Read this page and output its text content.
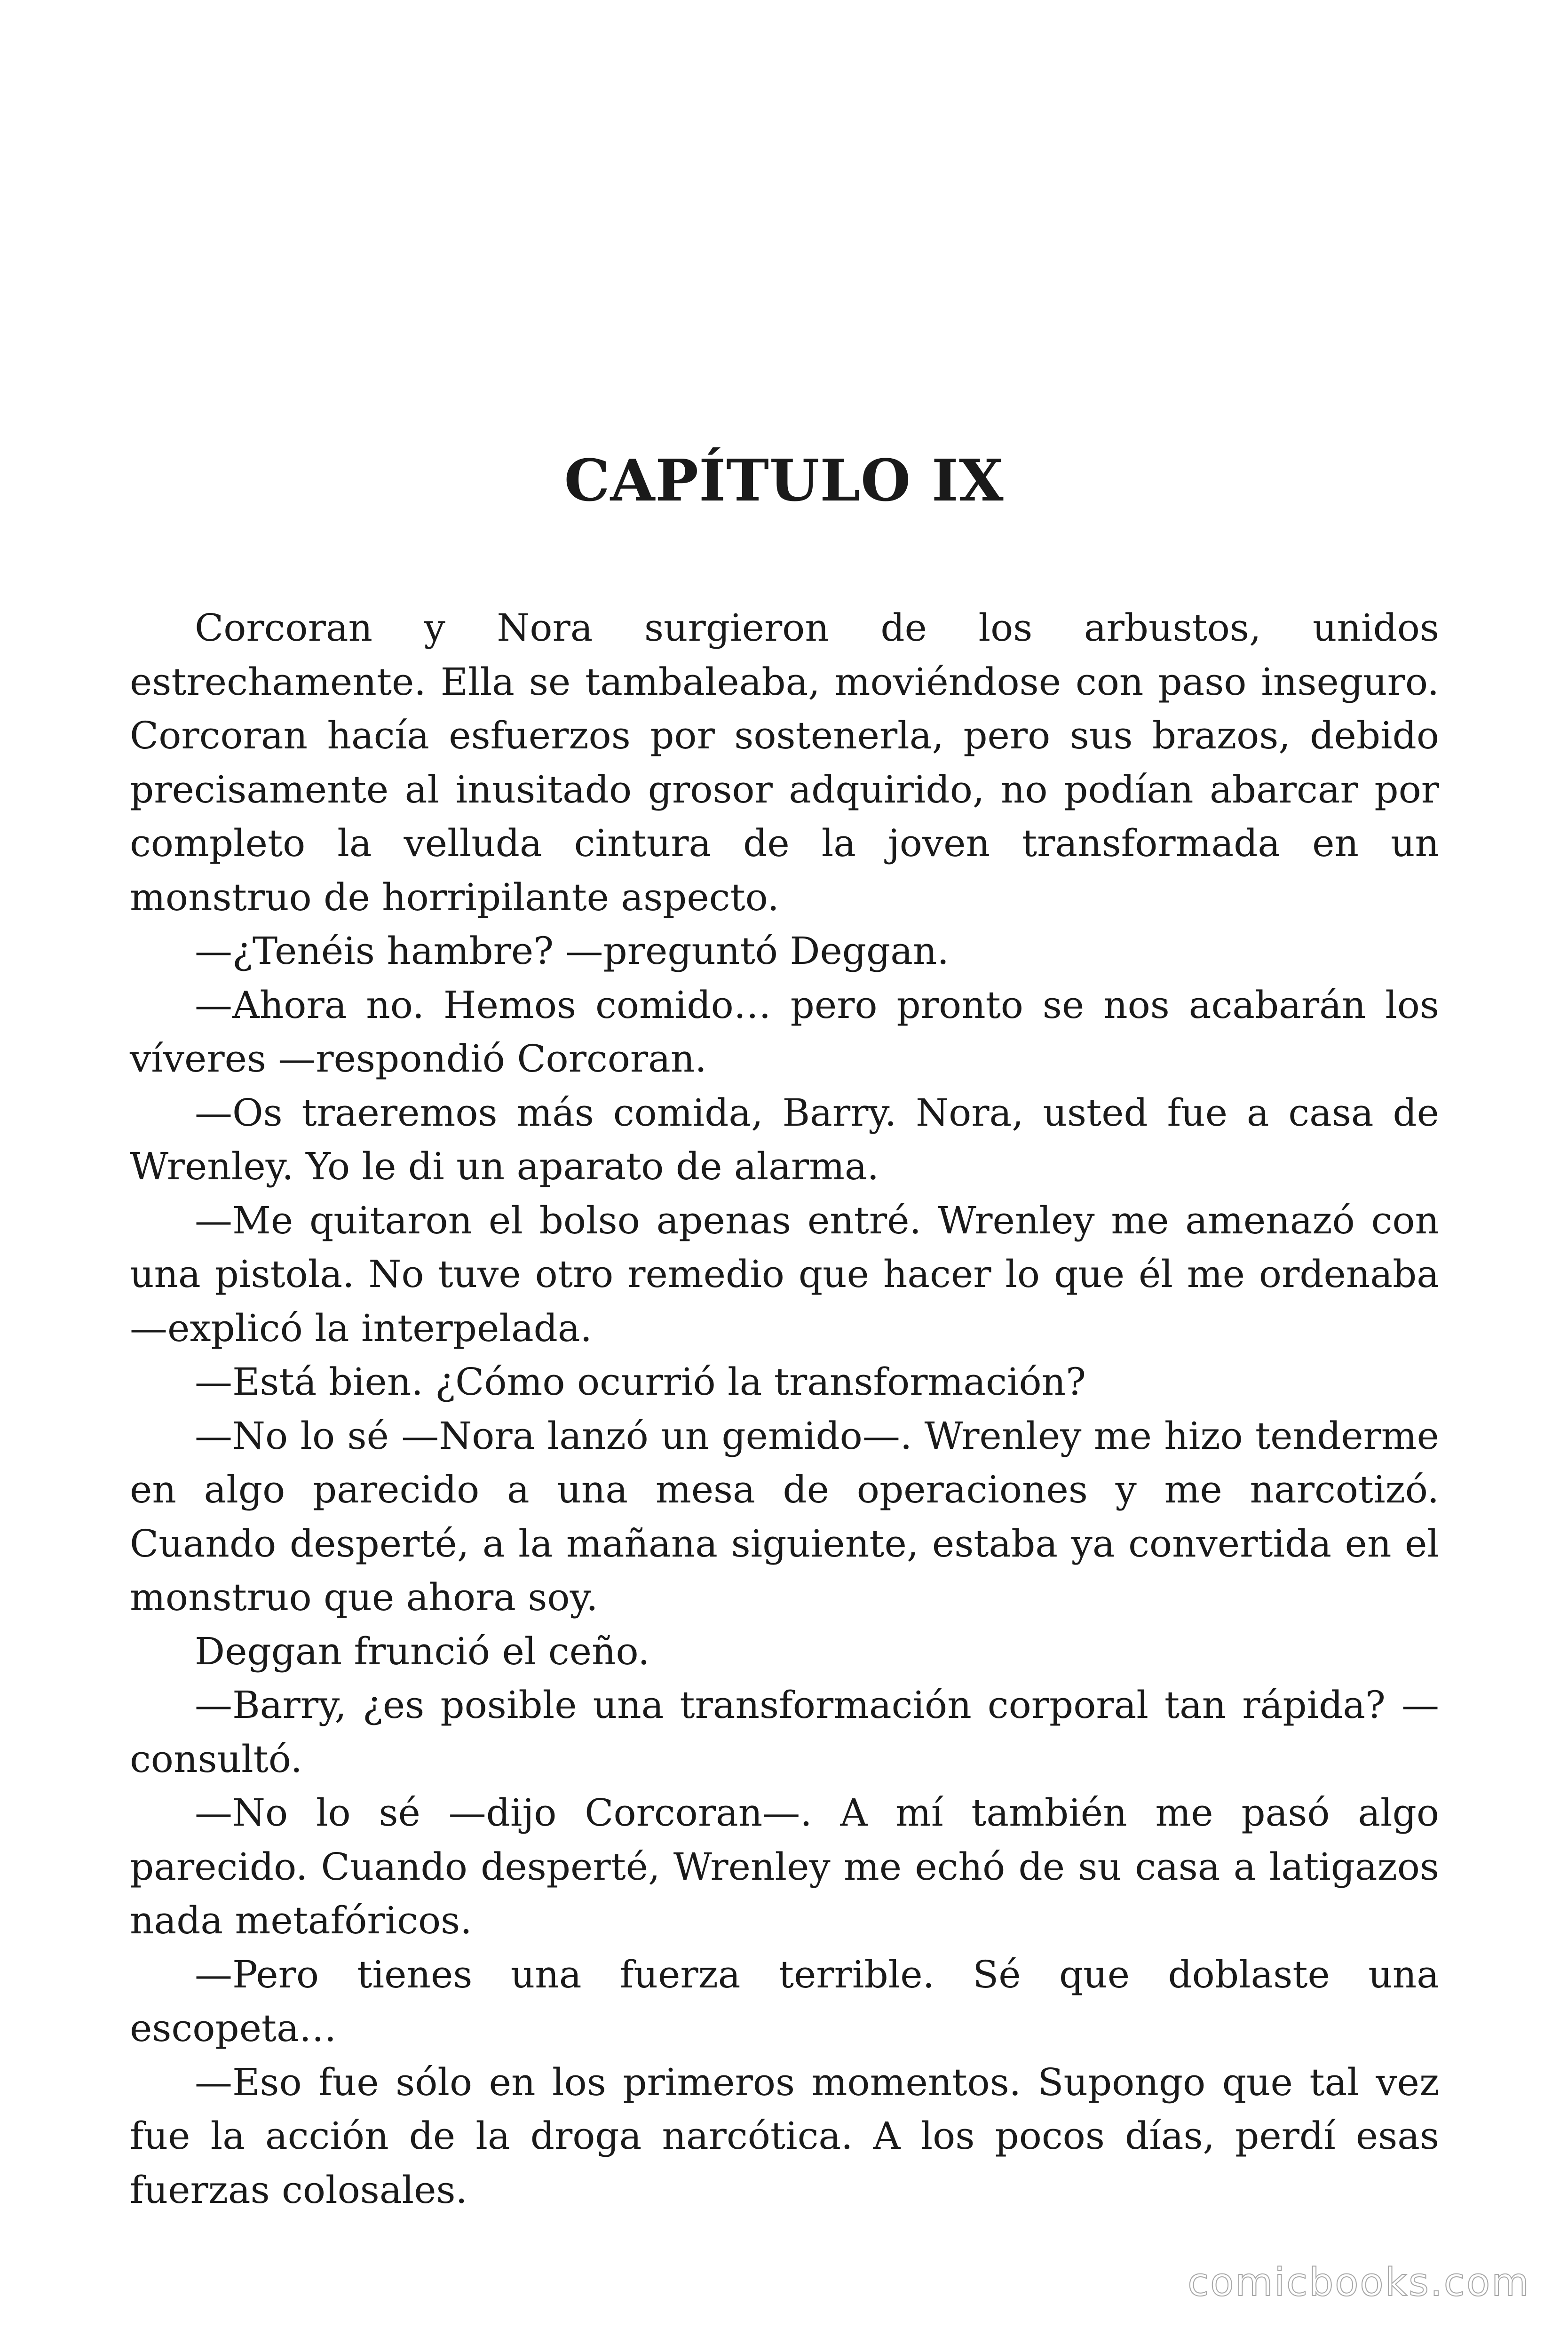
CAPÍTULO IX

Corcoran y Nora surgieron de los arbustos, unidos estrechamente. Ella se tambaleaba, moviéndose con paso inseguro. Corcoran hacía esfuerzos por sostenerla, pero sus brazos, debido precisamente al inusitado grosor adquirido, no podían abarcar por completo la velluda cintura de la joven transformada en un monstruo de horripilante aspecto.

—¿Tenéis hambre? —preguntó Deggan.

—Ahora no. Hemos comido… pero pronto se nos acabarán los víveres —respondió Corcoran.

—Os traeremos más comida, Barry. Nora, usted fue a casa de Wrenley. Yo le di un aparato de alarma.

—Me quitaron el bolso apenas entré. Wrenley me amenazó con una pistola. No tuve otro remedio que hacer lo que él me ordenaba —explicó la interpelada.

—Está bien. ¿Cómo ocurrió la transformación?

—No lo sé —Nora lanzó un gemido—. Wrenley me hizo tenderme en algo parecido a una mesa de operaciones y me narcotizó. Cuando desperté, a la mañana siguiente, estaba ya convertida en el monstruo que ahora soy.

Deggan frunció el ceño.

—Barry, ¿es posible una transformación corporal tan rápida? —consultó.

—No lo sé —dijo Corcoran—. A mí también me pasó algo parecido. Cuando desperté, Wrenley me echó de su casa a latigazos nada metafóricos.

—Pero tienes una fuerza terrible. Sé que doblaste una escopeta…

—Eso fue sólo en los primeros momentos. Supongo que tal vez fue la acción de la droga narcótica. A los pocos días, perdí esas fuerzas colosales.

comicbooks.com
